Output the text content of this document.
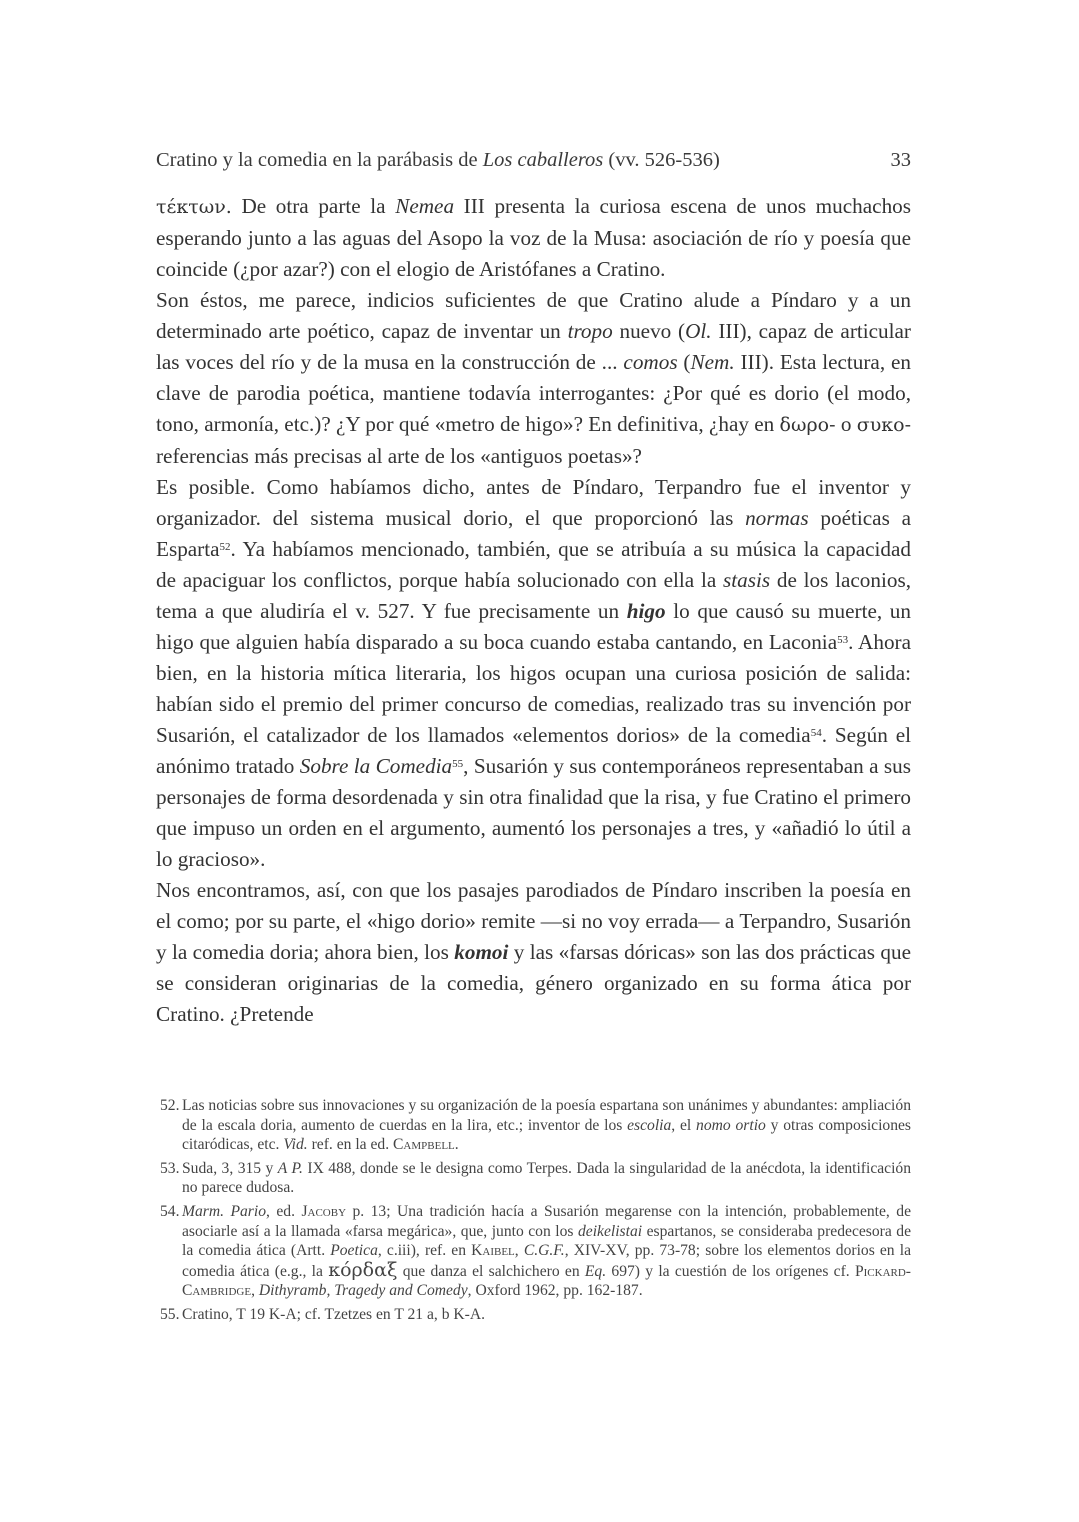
Cratino y la comedia en la parábasis de Los caballeros (vv. 526-536)	33

τέκτων. De otra parte la Nemea III presenta la curiosa escena de unos muchachos esperando junto a las aguas del Asopo la voz de la Musa: asociación de río y poesía que coincide (¿por azar?) con el elogio de Aristófanes a Cratino.

Son éstos, me parece, indicios suficientes de que Cratino alude a Píndaro y a un determinado arte poético, capaz de inventar un tropo nuevo (Ol. III), capaz de articular las voces del río y de la musa en la construcción de ... comos (Nem. III). Esta lectura, en clave de parodia poética, mantiene todavía interrogantes: ¿Por qué es dorio (el modo, tono, armonía, etc.)? ¿Y por qué «metro de higo»? En definitiva, ¿hay en δωρο- o συκο- referencias más precisas al arte de los «antiguos poetas»?

Es posible. Como habíamos dicho, antes de Píndaro, Terpandro fue el inventor y organizador. del sistema musical dorio, el que proporcionó las normas poéticas a Esparta$^{52}$. Ya habíamos mencionado, también, que se atribuía a su música la capacidad de apaciguar los conflictos, porque había solucionado con ella la stasis de los laconios, tema a que aludiría el v. 527. Y fue precisamente un higo lo que causó su muerte, un higo que alguien había disparado a su boca cuando estaba cantando, en Laconia$^{53}$. Ahora bien, en la historia mítica literaria, los higos ocupan una curiosa posición de salida: habían sido el premio del primer concurso de comedias, realizado tras su invención por Susarión, el catalizador de los llamados «elementos dorios» de la comedia$^{54}$. Según el anónimo tratado Sobre la Comedia$^{55}$, Susarión y sus contemporáneos representaban a sus personajes de forma desordenada y sin otra finalidad que la risa, y fue Cratino el primero que impuso un orden en el argumento, aumentó los personajes a tres, y «añadió lo útil a lo gracioso».

Nos encontramos, así, con que los pasajes parodiados de Píndaro inscriben la poesía en el como; por su parte, el «higo dorio» remite —si no voy errada— a Terpandro, Susarión y la comedia doria; ahora bien, los komoi y las «farsas dóricas» son las dos prácticas que se consideran originarias de la comedia, género organizado en su forma ática por Cratino. ¿Pretende

52. Las noticias sobre sus innovaciones y su organización de la poesía espartana son unánimes y abundantes: ampliación de la escala doria, aumento de cuerdas en la lira, etc.; inventor de los escolia, el nomo ortio y otras composiciones citaródicas, etc. Vid. ref. en la ed. Campbell.
53. Suda, 3, 315 y A P. IX 488, donde se le designa como Terpes. Dada la singularidad de la anécdota, la identificación no parece dudosa.
54. Marm. Pario, ed. Jacoby p. 13; Una tradición hacía a Susarión megarense con la intención, probablemente, de asociarle así a la llamada «farsa megárica», que, junto con los deikelistai espartanos, se consideraba predecesora de la comedia ática (Artt. Poetica, c.iii), ref. en Kaibel, C.G.F., XIV-XV, pp. 73-78; sobre los elementos dorios en la comedia ática (e.g., la κόρδαξ que danza el salchichero en Eq. 697) y la cuestión de los orígenes cf. Pickard-Cambridge, Dithyramb, Tragedy and Comedy, Oxford 1962, pp. 162-187.
55. Cratino, T 19 K-A; cf. Tzetzes en T 21 a, b K-A.
